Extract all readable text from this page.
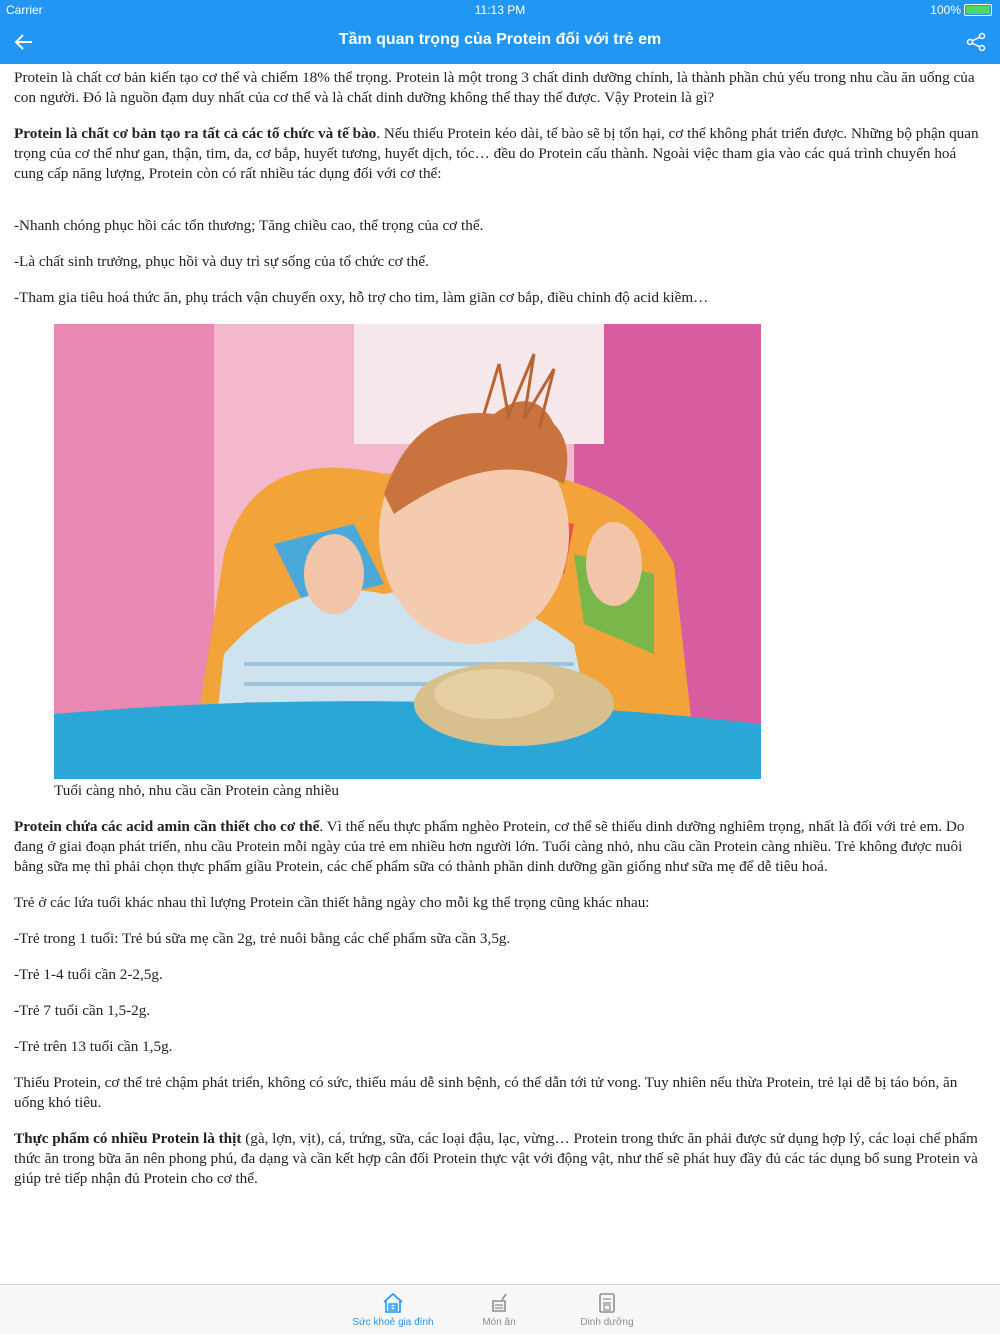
Carrier	11:13 PM	100%
Tầm quan trọng của Protein đối với trẻ em

Protein là chất cơ bản kiến tạo cơ thể và chiếm 18% thể trọng. Protein là một trong 3 chất dinh dưỡng chính, là thành phần chủ yếu trong nhu cầu ăn uống của con người. Đó là nguồn đạm duy nhất của cơ thể và là chất dinh dưỡng không thể thay thế được. Vậy Protein là gì?

Protein là chất cơ bản tạo ra tất cả các tổ chức và tế bào. Nếu thiếu Protein kéo dài, tế bào sẽ bị tổn hại, cơ thể không phát triển được. Những bộ phận quan trọng của cơ thể như gan, thận, tim, da, cơ bắp, huyết tương, huyết dịch, tóc… đều do Protein cấu thành. Ngoài việc tham gia vào các quá trình chuyển hoá cung cấp năng lượng, Protein còn có rất nhiều tác dụng đối với cơ thể:

-Nhanh chóng phục hồi các tổn thương; Tăng chiều cao, thể trọng của cơ thể.

-Là chất sinh trưởng, phục hồi và duy trì sự sống của tổ chức cơ thể.

-Tham gia tiêu hoá thức ăn, phụ trách vận chuyển oxy, hỗ trợ cho tim, làm giãn cơ bắp, điều chỉnh độ acid kiềm…

Tuổi càng nhỏ, nhu cầu cần Protein càng nhiều

Protein chứa các acid amin cần thiết cho cơ thể. Vì thế nếu thực phẩm nghèo Protein, cơ thể sẽ thiếu dinh dưỡng nghiêm trọng, nhất là đối với trẻ em. Do đang ở giai đoạn phát triển, nhu cầu Protein mỗi ngày của trẻ em nhiều hơn người lớn. Tuổi càng nhỏ, nhu cầu cần Protein càng nhiều. Trẻ không được nuôi bằng sữa mẹ thì phải chọn thực phẩm giầu Protein, các chế phẩm sữa có thành phần dinh dưỡng gần giống như sữa mẹ để dễ tiêu hoá.

Trẻ ở các lứa tuổi khác nhau thì lượng Protein cần thiết hằng ngày cho mỗi kg thể trọng cũng khác nhau:

-Trẻ trong 1 tuổi: Trẻ bú sữa mẹ cần 2g, trẻ nuôi bằng các chế phẩm sữa cần 3,5g.

-Trẻ 1-4 tuổi cần 2-2,5g.

-Trẻ 7 tuổi cần 1,5-2g.

-Trẻ trên 13 tuổi cần 1,5g.

Thiếu Protein, cơ thể trẻ chậm phát triển, không có sức, thiếu máu dễ sinh bệnh, có thể dẫn tới tử vong. Tuy nhiên nếu thừa Protein, trẻ lại dễ bị táo bón, ăn uống khó tiêu.

Thực phẩm có nhiều Protein là thịt (gà, lợn, vịt), cá, trứng, sữa, các loại đậu, lạc, vừng… Protein trong thức ăn phải được sử dụng hợp lý, các loại chế phẩm thức ăn trong bữa ăn nên phong phú, đa dạng và cần kết hợp cân đối Protein thực vật với động vật, như thế sẽ phát huy đầy đủ các tác dụng bổ sung Protein và giúp trẻ tiếp nhận đủ Protein cho cơ thể.

Sức khoẻ gia đình	Món ăn	Dinh dưỡng
